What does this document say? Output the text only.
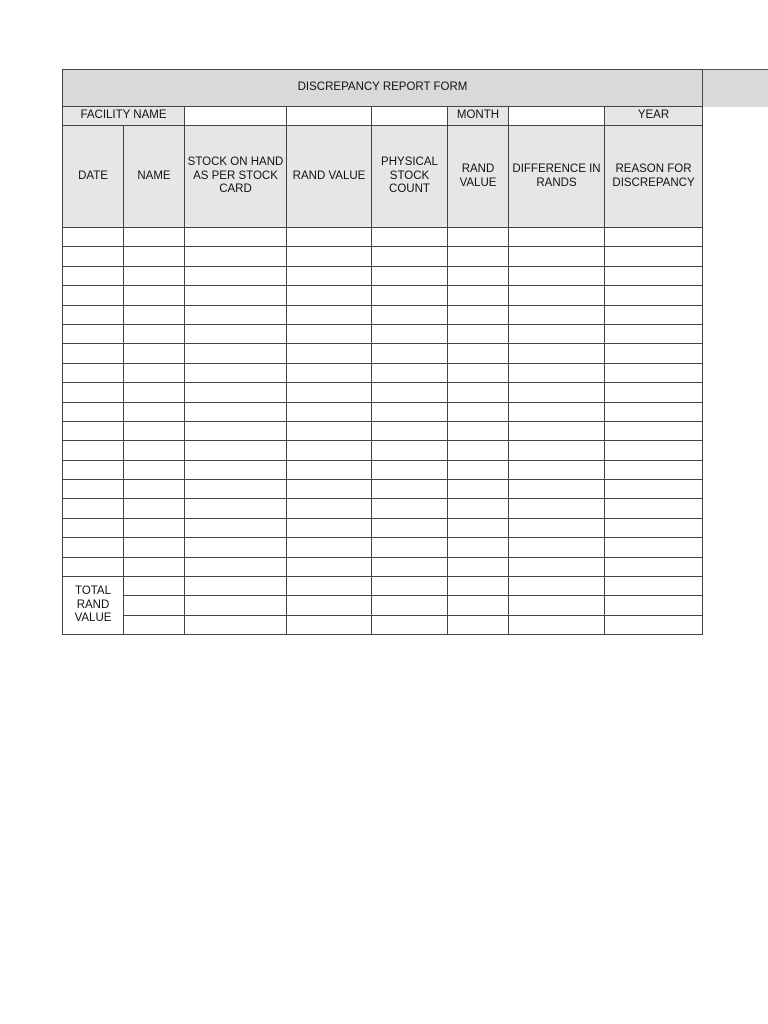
DISCREPANCY REPORT FORM							
FACILITY NAME					MONTH		YEAR
DATE	NAME	STOCK ON HAND AS PER STOCK CARD	RAND VALUE	PHYSICAL STOCK COUNT	RAND VALUE	DIFFERENCE IN RANDS	REASON FOR DISCREPANCY

TOTAL RAND VALUE							
